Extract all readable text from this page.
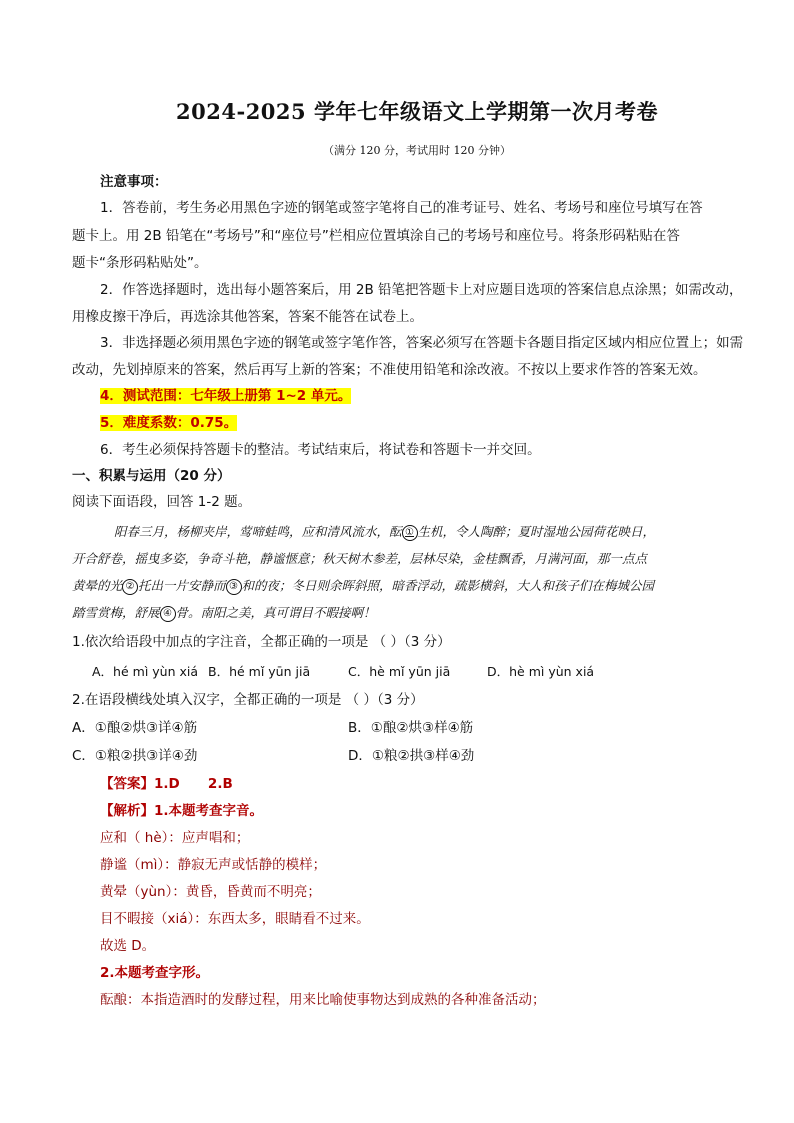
2024-2025 学年七年级语文上学期第一次月考卷
（满分 120 分，考试用时 120 分钟）
注意事项：
1．答卷前，考生务必用黑色字迹的钢笔或签字笔将自己的准考证号、姓名、考场号和座位号填写在答
题卡上。用 2B 铅笔在“考场号”和“座位号”栏相应位置填涂自己的考场号和座位号。将条形码粘贴在答
题卡“条形码粘贴处”。
2．作答选择题时，选出每小题答案后，用 2B 铅笔把答题卡上对应题目选项的答案信息点涂黑；如需改动，
用橡皮擦干净后，再选涂其他答案，答案不能答在试卷上。
3．非选择题必须用黑色字迹的钢笔或签字笔作答，答案必须写在答题卡各题目指定区域内相应位置上；如需
改动，先划掉原来的答案，然后再写上新的答案；不准使用铅笔和涂改液。不按以上要求作答的答案无效。
4．测试范围：七年级上册第 1~2 单元。
5．难度系数：0.75。
6．考生必须保持答题卡的整洁。考试结束后，将试卷和答题卡一并交回。
一、积累与运用（20 分）
阅读下面语段，回答 1-2 题。
阳春三月，杨柳夹岸，莺啼蛙鸣，应和清风流水，酝 ① 生机，令人陶醉；夏时湿地公园荷花映日，
开合舒卷，摇曳多姿，争奇斗艳，静谧惬意；秋天树木参差，层林尽染，金桂飘香，月满河面，那一点点
黄晕的光 ② 托出一片安静而 ③ 和的夜；冬日则余晖斜照，暗香浮动，疏影横斜，大人和孩子们在梅城公园
踏雪赏梅，舒展 ④ 骨。南阳之美，真可谓目不暇接啊！
1.依次给语段中加点的字注音，全都正确的一项是 （ ）（3 分）
A．hé mì yùn xiá B．hé mǐ yūn jiā	C．hè mǐ yūn jiā	D．hè mì yùn xiá
2.在语段横线处填入汉字，全都正确的一项是 （ ）（3 分）
A．①酿②烘③详④筋	B．①酿②烘③样④筋
C．①粮②拱③详④劲	D．①粮②拱③样④劲
【答案】1.D      2.B
【解析】1.本题考查字音。
应和（ hè）：应声唱和；
静谧（mì）：静寂无声或恬静的模样；
黄晕（yùn）：黄昏，昏黄而不明亮；
目不暇接（xiá）：东西太多，眼睛看不过来。
故选 D。
2.本题考查字形。
酝酿：本指造酒时的发酵过程，用来比喻使事物达到成熟的各种准备活动；
